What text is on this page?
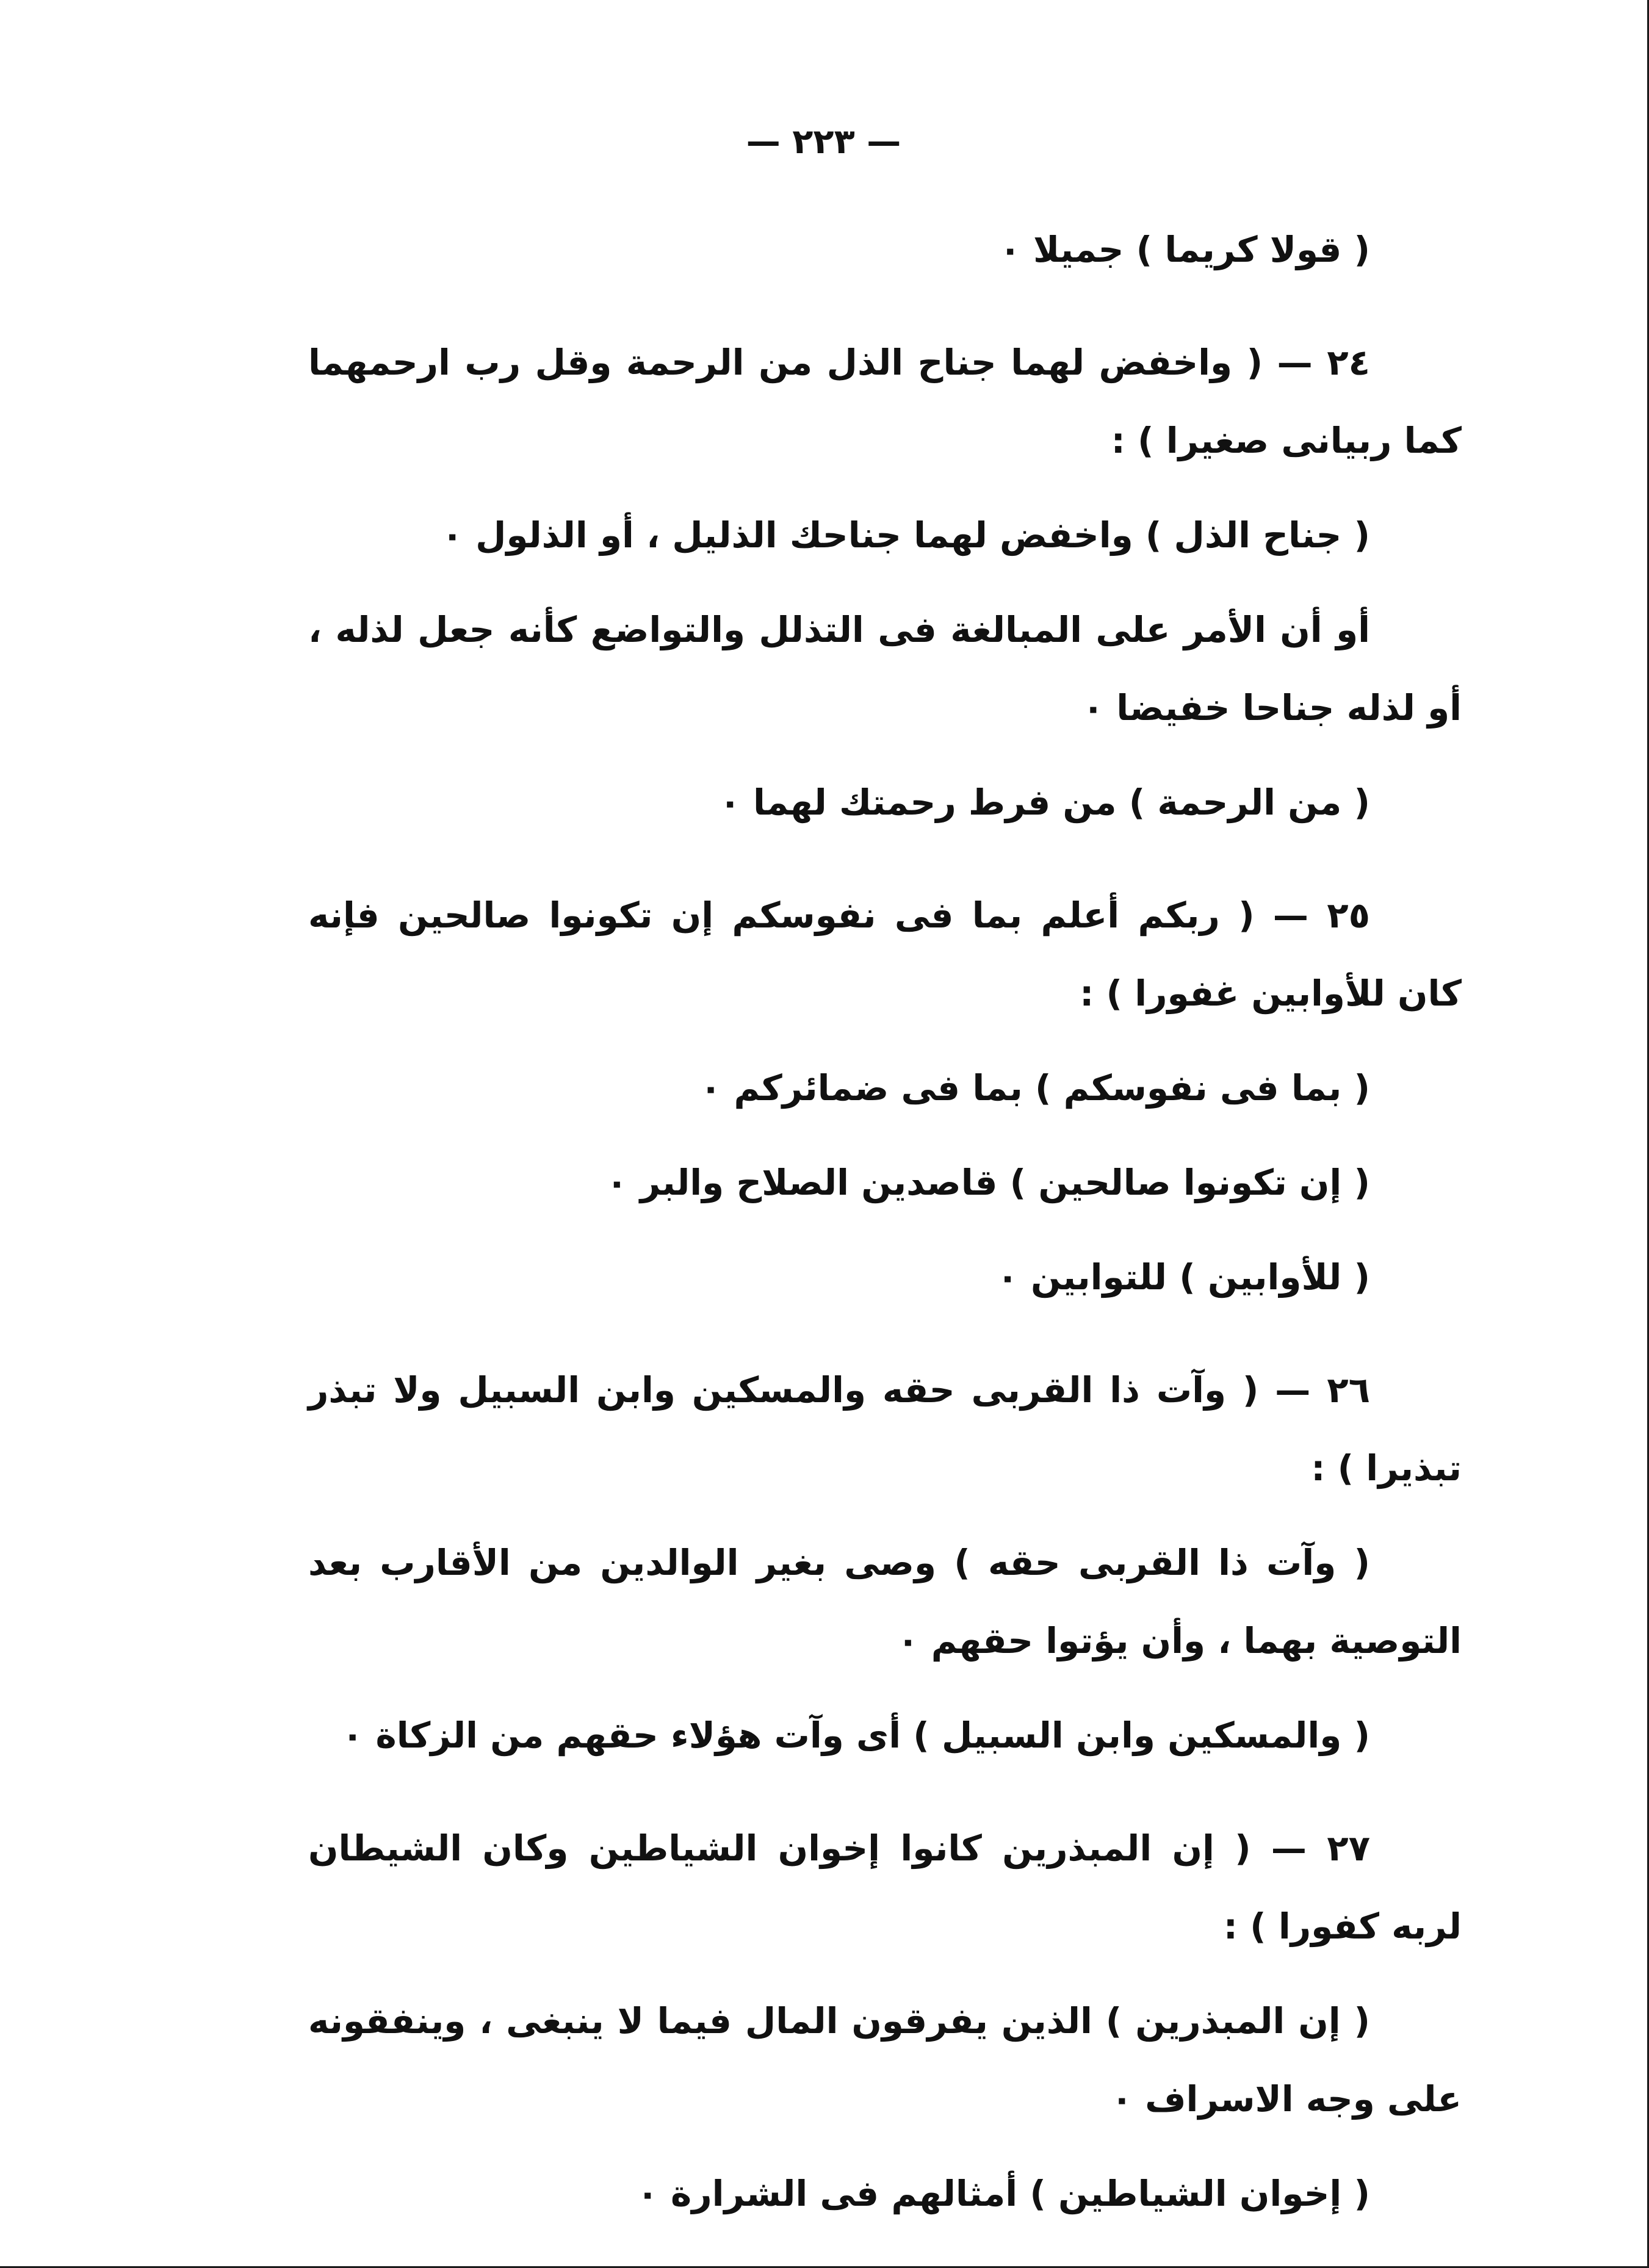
— ٢٢٣ —

( قولا كريما ) جميلا ٠

٢٤ — ( واخفض لهما جناح الذل من الرحمة وقل رب ارحمهما كما ربيانى صغيرا ) :

( جناح الذل ) واخفض لهما جناحك الذليل ، أو الذلول ٠

أو أن الأمر على المبالغة فى التذلل والتواضع كأنه جعل لذله ، أو لذله جناحا خفيضا ٠

( من الرحمة ) من فرط رحمتك لهما ٠

٢٥ — ( ربكم أعلم بما فى نفوسكم إن تكونوا صالحين فإنه كان للأوابين غفورا ) :

( بما فى نفوسكم ) بما فى ضمائركم ٠

( إن تكونوا صالحين ) قاصدين الصلاح والبر ٠

( للأوابين ) للتوابين ٠

٢٦ — ( وآت ذا القربى حقه والمسكين وابن السبيل ولا تبذر تبذيرا ) :

( وآت ذا القربى حقه ) وصى بغير الوالدين من الأقارب بعد التوصية بهما ، وأن يؤتوا حقهم ٠

( والمسكين وابن السبيل ) أى وآت هؤلاء حقهم من الزكاة ٠

٢٧ — ( إن المبذرين كانوا إخوان الشياطين وكان الشيطان لربه كفورا ) :

( إن المبذرين ) الذين يفرقون المال فيما لا ينبغى ، وينفقونه على وجه الاسراف ٠

( إخوان الشياطين ) أمثالهم فى الشرارة ٠
